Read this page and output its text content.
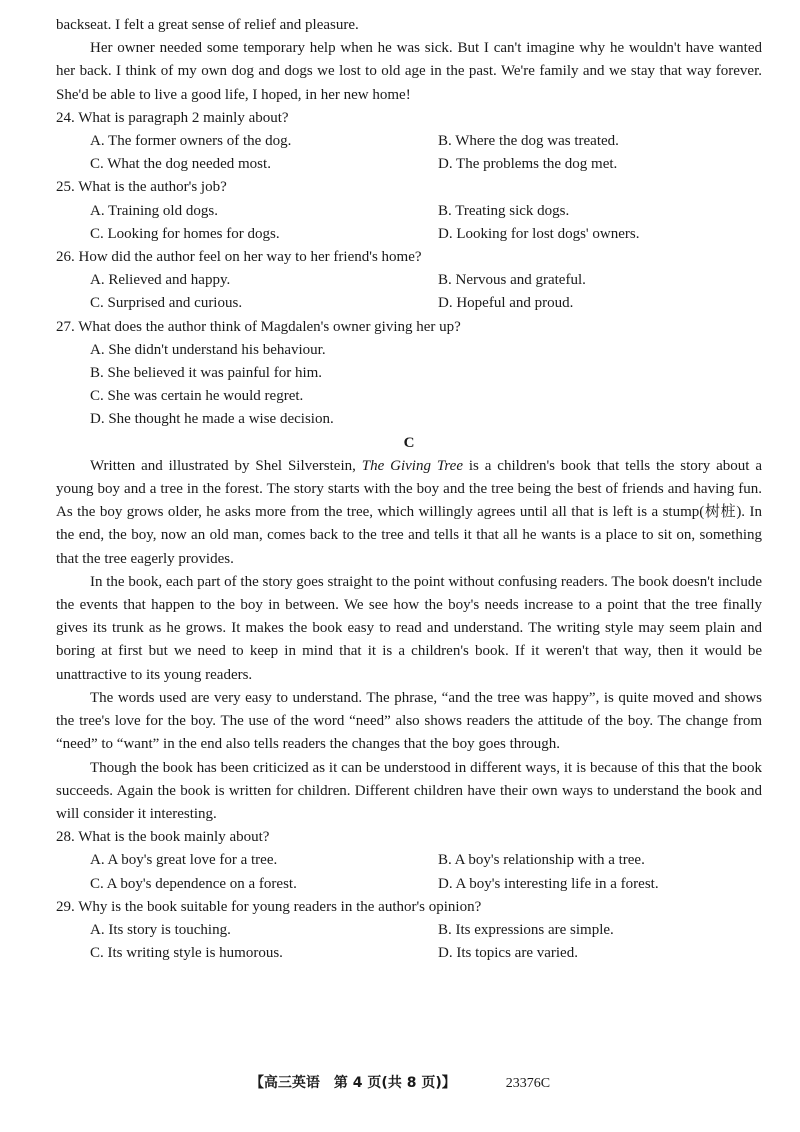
backseat. I felt a great sense of relief and pleasure.

Her owner needed some temporary help when he was sick. But I can't imagine why he wouldn't have wanted her back. I think of my own dog and dogs we lost to old age in the past. We're family and we stay that way forever. She'd be able to live a good life, I hoped, in her new home!

24. What is paragraph 2 mainly about?

A. The former owners of the dog.	B. Where the dog was treated.
C. What the dog needed most.	D. The problems the dog met.

25. What is the author's job?

A. Training old dogs.	B. Treating sick dogs.
C. Looking for homes for dogs.	D. Looking for lost dogs' owners.

26. How did the author feel on her way to her friend's home?

A. Relieved and happy.	B. Nervous and grateful.
C. Surprised and curious.	D. Hopeful and proud.

27. What does the author think of Magdalen's owner giving her up?

A. She didn't understand his behaviour.
B. She believed it was painful for him.
C. She was certain he would regret.
D. She thought he made a wise decision.

C

Written and illustrated by Shel Silverstein, The Giving Tree is a children's book that tells the story about a young boy and a tree in the forest. The story starts with the boy and the tree being the best of friends and having fun. As the boy grows older, he asks more from the tree, which willingly agrees until all that is left is a stump(树桩). In the end, the boy, now an old man, comes back to the tree and tells it that all he wants is a place to sit on, something that the tree eagerly provides.

In the book, each part of the story goes straight to the point without confusing readers. The book doesn't include the events that happen to the boy in between. We see how the boy's needs increase to a point that the tree finally gives its trunk as he grows. It makes the book easy to read and understand. The writing style may seem plain and boring at first but we need to keep in mind that it is a children's book. If it weren't that way, then it would be unattractive to its young readers.

The words used are very easy to understand. The phrase, “and the tree was happy”, is quite moved and shows the tree's love for the boy. The use of the word “need” also shows readers the attitude of the boy. The change from “need” to “want” in the end also tells readers the changes that the boy goes through.

Though the book has been criticized as it can be understood in different ways, it is because of this that the book succeeds. Again the book is written for children. Different children have their own ways to understand the book and will consider it interesting.

28. What is the book mainly about?

A. A boy's great love for a tree.	B. A boy's relationship with a tree.
C. A boy's dependence on a forest.	D. A boy's interesting life in a forest.

29. Why is the book suitable for young readers in the author's opinion?

A. Its story is touching.	B. Its expressions are simple.
C. Its writing style is humorous.	D. Its topics are varied.
【高三英语　第 4 页(共 8 页)】	23376C
